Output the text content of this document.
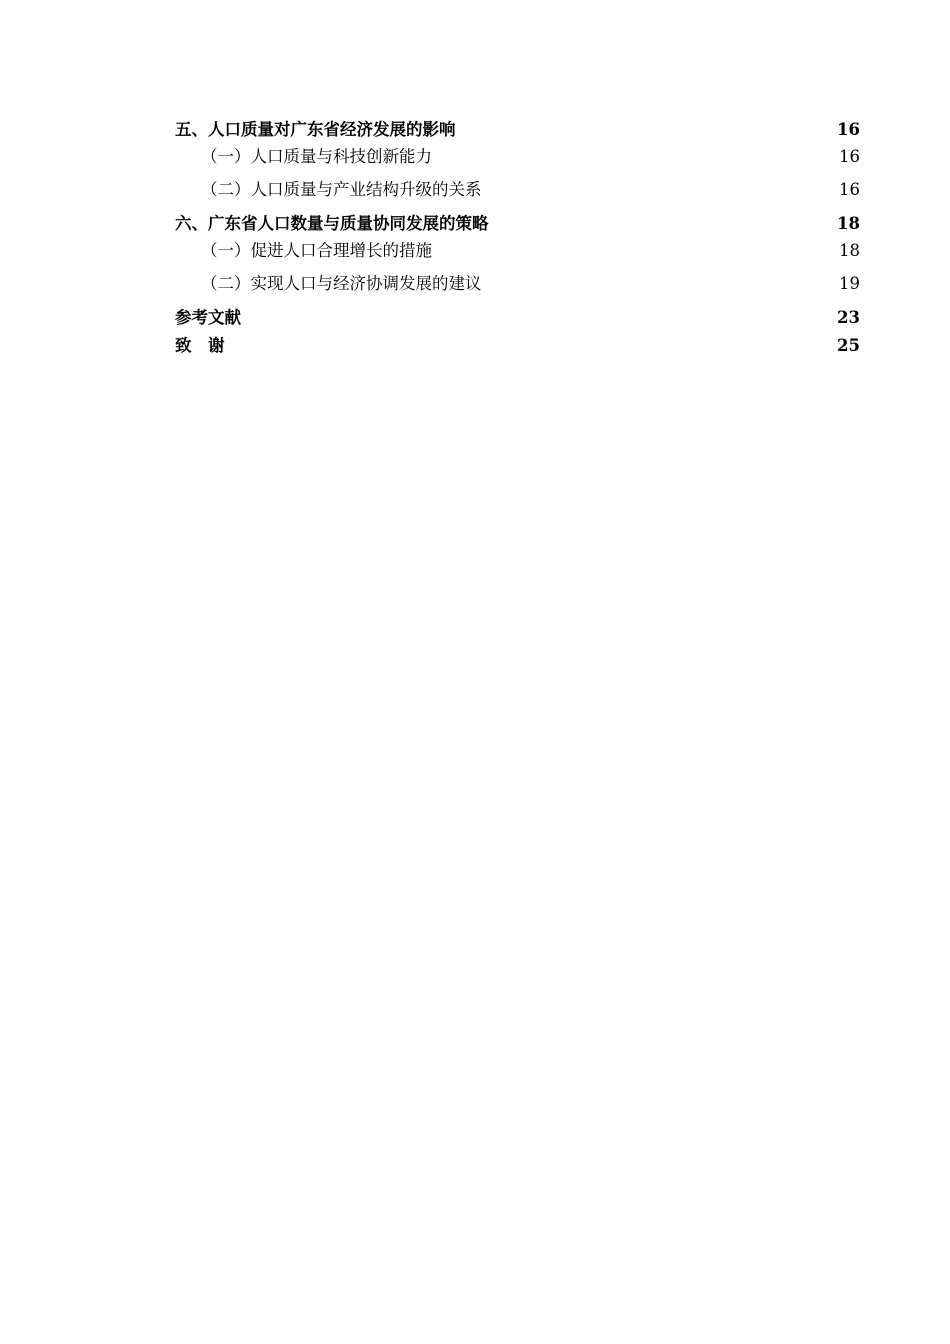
五、人口质量对广东省经济发展的影响	16
（一）人口质量与科技创新能力	16
（二）人口质量与产业结构升级的关系	16
六、广东省人口数量与质量协同发展的策略	18
（一）促进人口合理增长的措施	18
（二）实现人口与经济协调发展的建议	19
参考文献	23
致　谢	25
